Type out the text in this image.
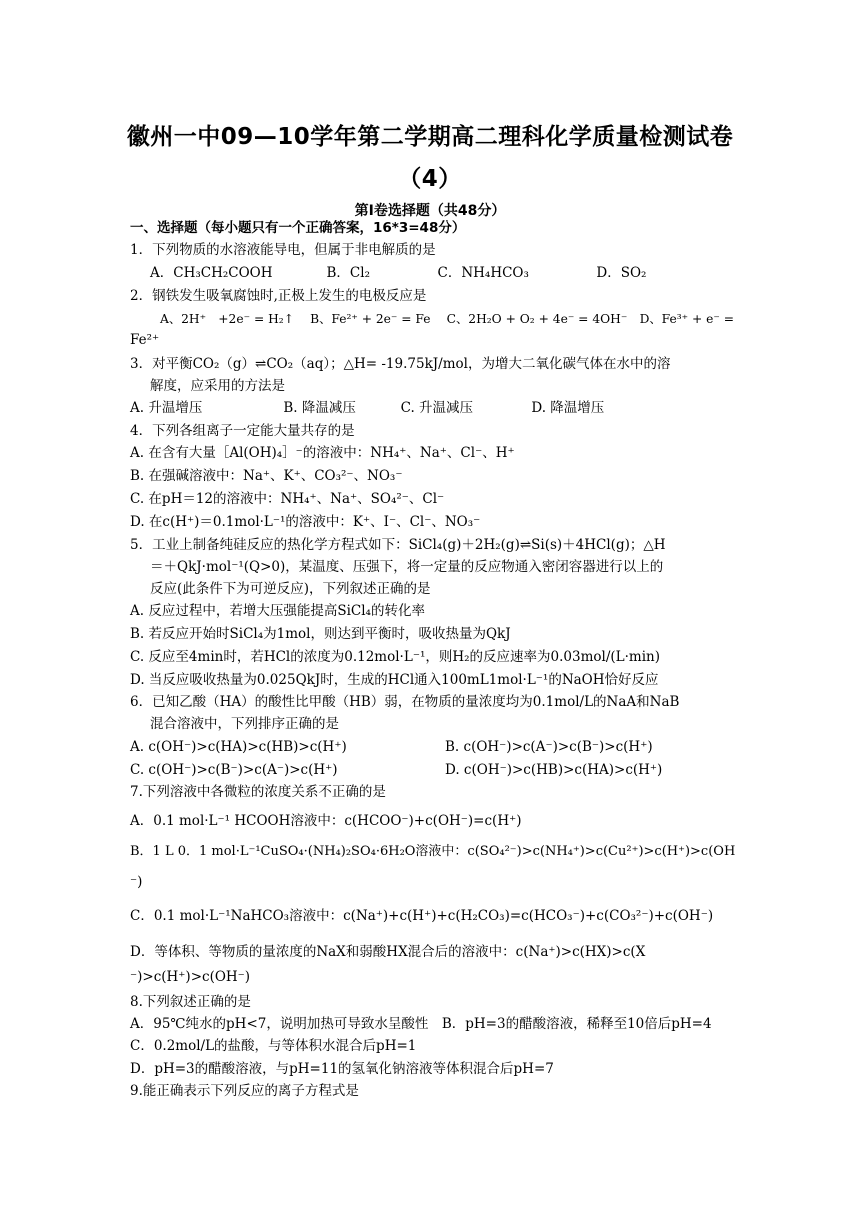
徽州一中09—10学年第二学期高二理科化学质量检测试卷
（4）
第Ⅰ卷选择题（共48分）
一、选择题（每小题只有一个正确答案，16*3=48分）
1．下列物质的水溶液能导电，但属于非电解质的是
A．CH₃CH₂COOH　　　　B．Cl₂　　　　　C．NH₄HCO₃　　　　　D．SO₂
2．钢铁发生吸氧腐蚀时,正极上发生的电极反应是
A、2H⁺　+2e⁻ = H₂↑　 B、Fe²⁺ + 2e⁻ = Fe　 C、2H₂O + O₂ + 4e⁻ = 4OH⁻　D、Fe³⁺ + e⁻ =
Fe²⁺
3．对平衡CO₂（g）⇌CO₂（aq）；△H= -19.75kJ/mol，为增大二氧化碳气体在水中的溶
解度，应采用的方法是
A. 升温增压　　　　　　B. 降温减压　　　 C. 升温减压　　　　 D. 降温增压
4．下列各组离子一定能大量共存的是
A. 在含有大量［Al(OH)₄］⁻的溶液中：NH₄⁺、Na⁺、Cl⁻、H⁺
B. 在强碱溶液中：Na⁺、K⁺、CO₃²⁻、NO₃⁻
C. 在pH＝12的溶液中：NH₄⁺、Na⁺、SO₄²⁻、Cl⁻
D. 在c(H⁺)＝0.1mol·L⁻¹的溶液中：K⁺、I⁻、Cl⁻、NO₃⁻
5．工业上制备纯硅反应的热化学方程式如下：SiCl₄(g)＋2H₂(g)⇌Si(s)＋4HCl(g)；△H
＝＋QkJ·mol⁻¹(Q>0)，某温度、压强下，将一定量的反应物通入密闭容器进行以上的
反应(此条件下为可逆反应)，下列叙述正确的是
A. 反应过程中，若增大压强能提高SiCl₄的转化率
B. 若反应开始时SiCl₄为1mol，则达到平衡时，吸收热量为QkJ
C. 反应至4min时，若HCl的浓度为0.12mol·L⁻¹，则H₂的反应速率为0.03mol/(L·min)
D. 当反应吸收热量为0.025QkJ时，生成的HCl通入100mL1mol·L⁻¹的NaOH恰好反应
6．已知乙酸（HA）的酸性比甲酸（HB）弱，在物质的量浓度均为0.1mol/L的NaA和NaB
混合溶液中，下列排序正确的是
A. c(OH⁻)>c(HA)>c(HB)>c(H⁺)	B. c(OH⁻)>c(A⁻)>c(B⁻)>c(H⁺)
C. c(OH⁻)>c(B⁻)>c(A⁻)>c(H⁺)	D. c(OH⁻)>c(HB)>c(HA)>c(H⁺)
7.下列溶液中各微粒的浓度关系不正确的是
A．0.1 mol·L⁻¹ HCOOH溶液中：c(HCOO⁻)+c(OH⁻)=c(H⁺)
B．1 L 0．1 mol·L⁻¹CuSO₄·(NH₄)₂SO₄·6H₂O溶液中：c(SO₄²⁻)>c(NH₄⁺)>c(Cu²⁺)>c(H⁺)>c(OH
⁻)
C．0.1 mol·L⁻¹NaHCO₃溶液中：c(Na⁺)+c(H⁺)+c(H₂CO₃)=c(HCO₃⁻)+c(CO₃²⁻)+c(OH⁻)
D．等体积、等物质的量浓度的NaX和弱酸HX混合后的溶液中：c(Na⁺)>c(HX)>c(X
⁻)>c(H⁺)>c(OH⁻)
8.下列叙述正确的是
A．95℃纯水的pH<7，说明加热可导致水呈酸性　B．pH=3的醋酸溶液，稀释至10倍后pH=4
C．0.2mol/L的盐酸，与等体积水混合后pH=1
D．pH=3的醋酸溶液，与pH=11的氢氧化钠溶液等体积混合后pH=7
9.能正确表示下列反应的离子方程式是
